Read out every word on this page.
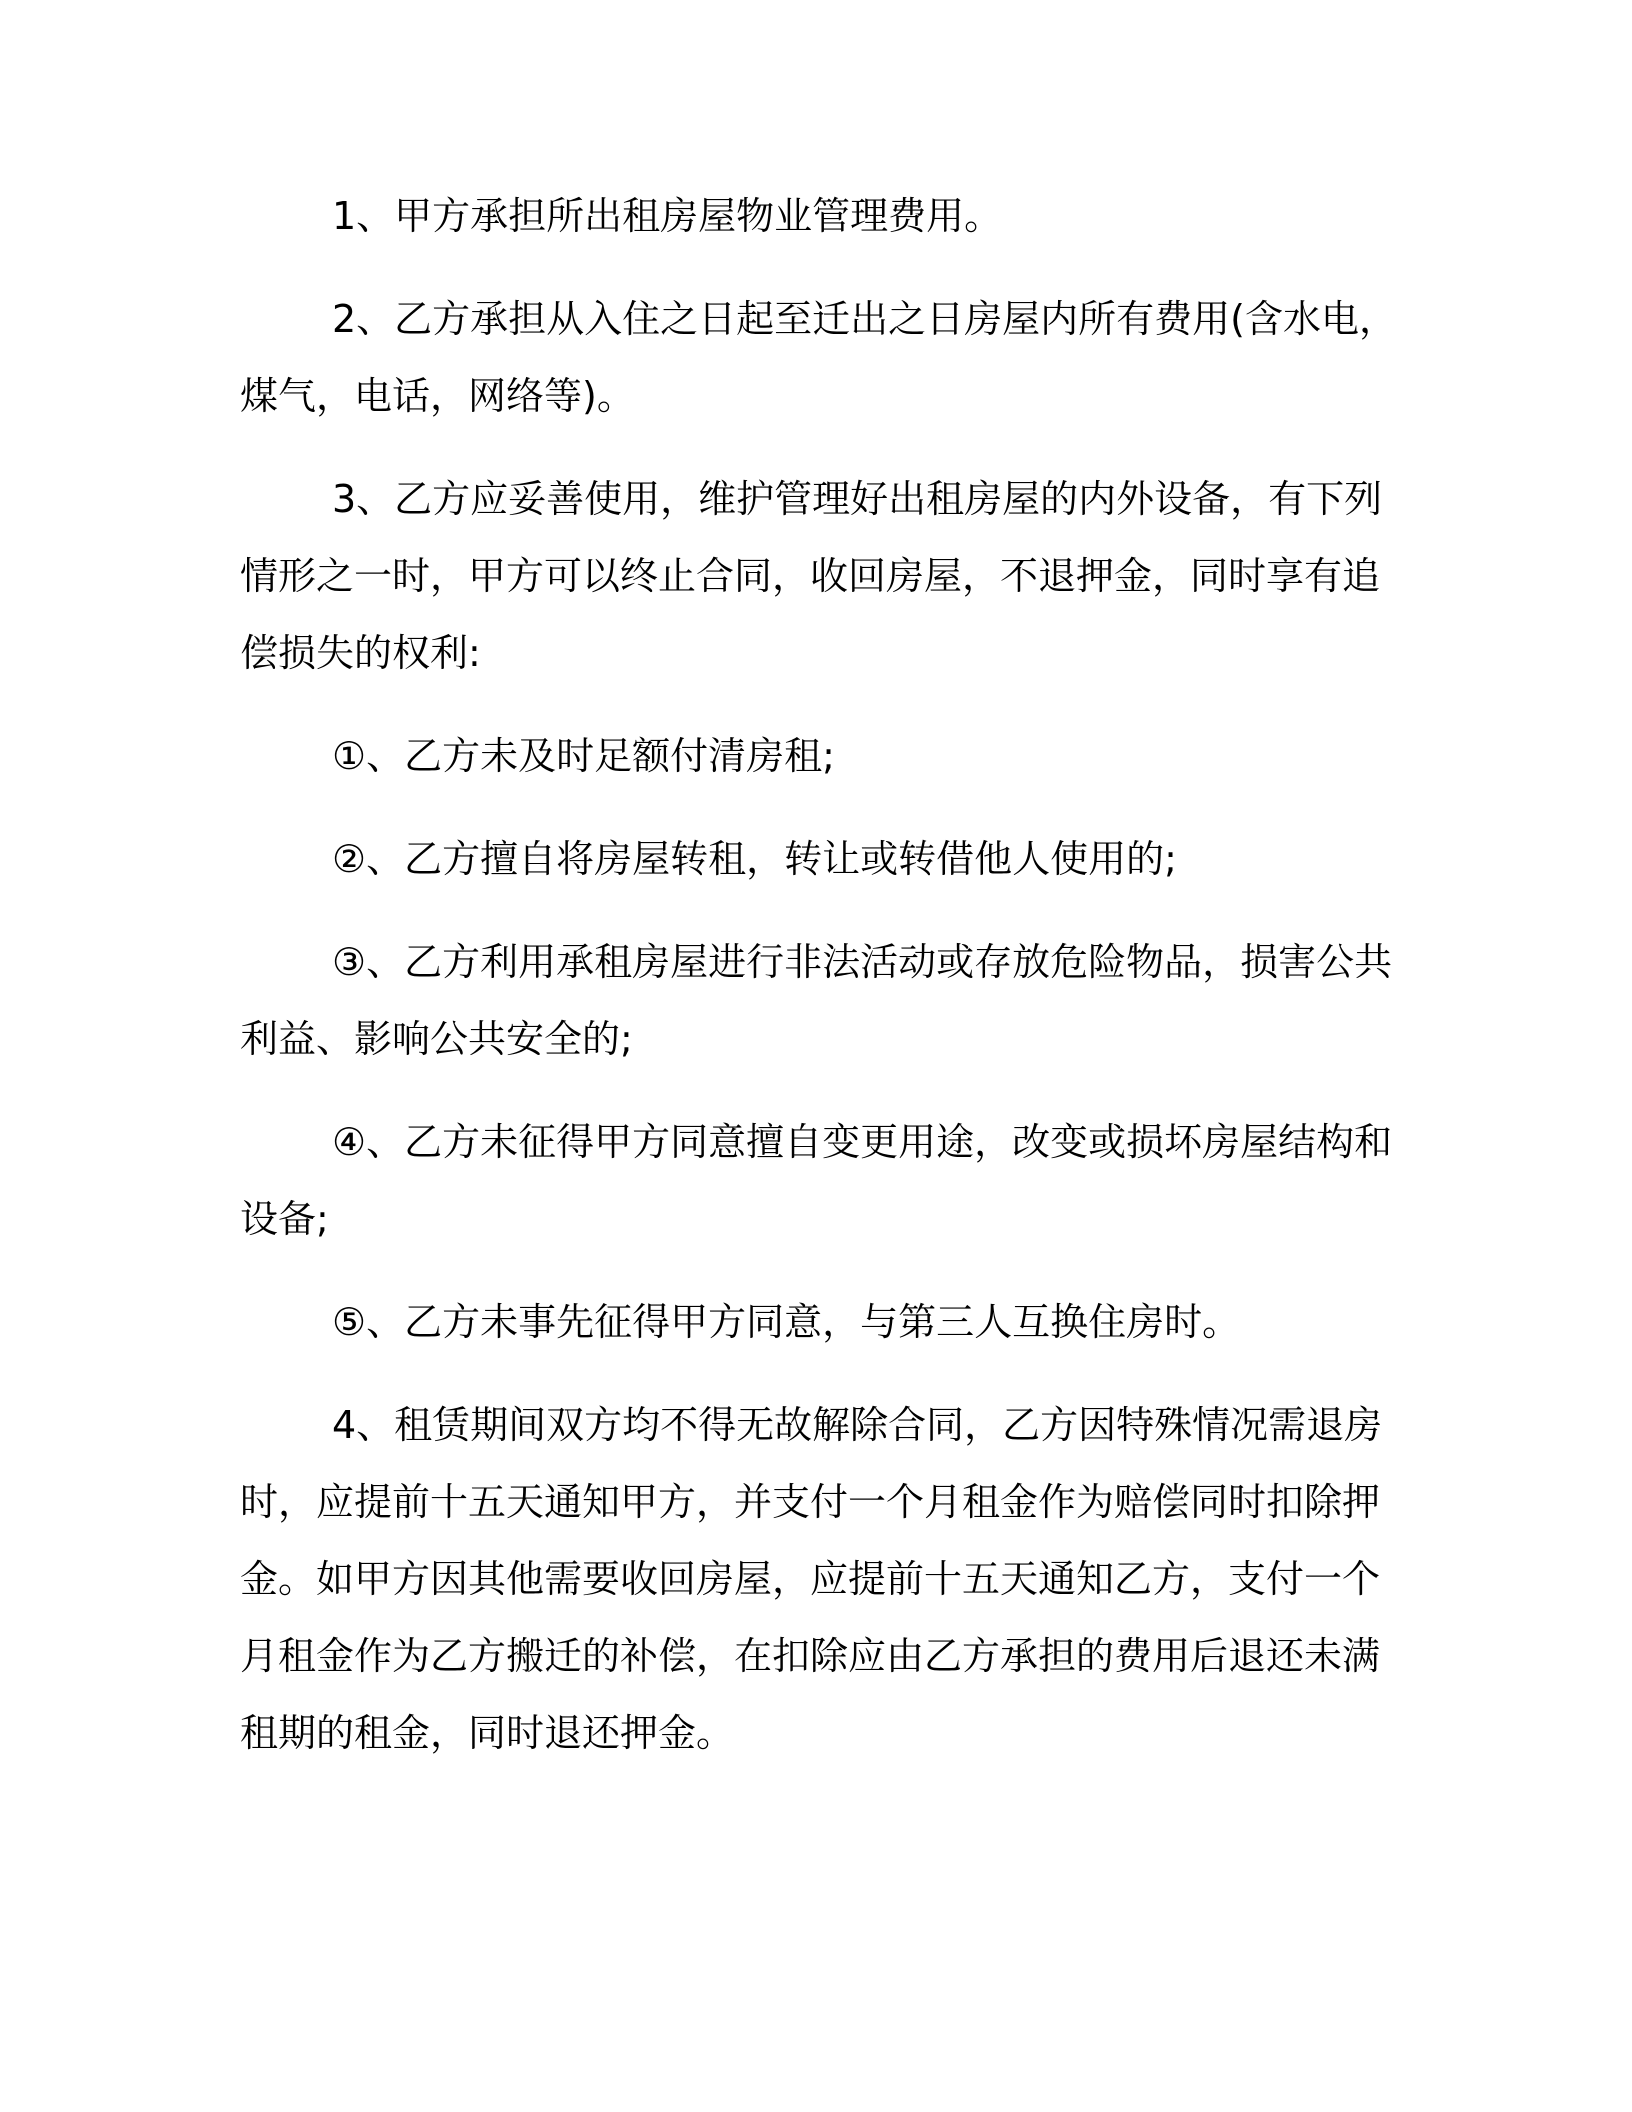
1、甲方承担所出租房屋物业管理费用。

2、乙方承担从入住之日起至迁出之日房屋内所有费用(含水电，煤气，电话，网络等)。

3、乙方应妥善使用，维护管理好出租房屋的内外设备，有下列情形之一时，甲方可以终止合同，收回房屋，不退押金，同时享有追偿损失的权利:

①、乙方未及时足额付清房租;

②、乙方擅自将房屋转租，转让或转借他人使用的;

③、乙方利用承租房屋进行非法活动或存放危险物品，损害公共利益、影响公共安全的;

④、乙方未征得甲方同意擅自变更用途，改变或损坏房屋结构和设备;

⑤、乙方未事先征得甲方同意，与第三人互换住房时。

4、租赁期间双方均不得无故解除合同，乙方因特殊情况需退房时，应提前十五天通知甲方，并支付一个月租金作为赔偿同时扣除押金。如甲方因其他需要收回房屋，应提前十五天通知乙方，支付一个月租金作为乙方搬迁的补偿，在扣除应由乙方承担的费用后退还未满租期的租金，同时退还押金。
